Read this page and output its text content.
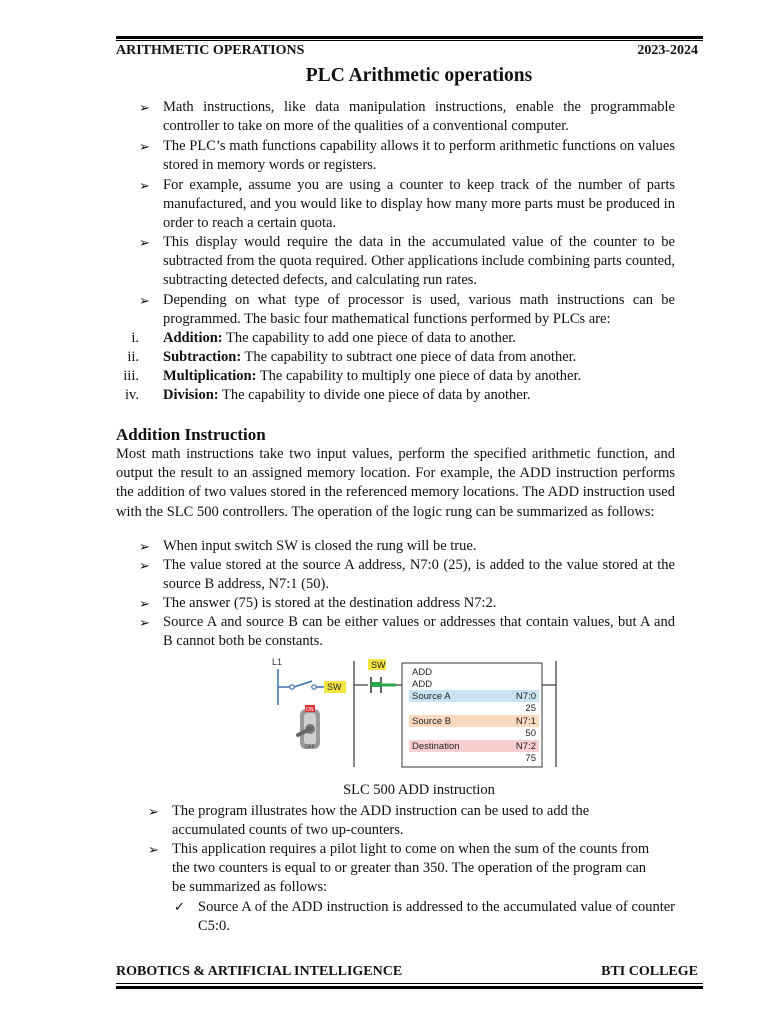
ARITHMETIC OPERATIONS	2023-2024
PLC Arithmetic operations
➢ Math instructions, like data manipulation instructions, enable the programmable controller to take on more of the qualities of a conventional computer.
➢ The PLC’s math functions capability allows it to perform arithmetic functions on values stored in memory words or registers.
➢ For example, assume you are using a counter to keep track of the number of parts manufactured, and you would like to display how many more parts must be produced in order to reach a certain quota.
➢ This display would require the data in the accumulated value of the counter to be subtracted from the quota required. Other applications include combining parts counted, subtracting detected defects, and calculating run rates.
➢ Depending on what type of processor is used, various math instructions can be programmed. The basic four mathematical functions performed by PLCs are:
i. Addition: The capability to add one piece of data to another.
ii. Subtraction: The capability to subtract one piece of data from another.
iii. Multiplication: The capability to multiply one piece of data by another.
iv. Division: The capability to divide one piece of data by another.
Addition Instruction
Most math instructions take two input values, perform the specified arithmetic function, and output the result to an assigned memory location. For example, the ADD instruction performs the addition of two values stored in the referenced memory locations. The ADD instruction used with the SLC 500 controllers. The operation of the logic rung can be summarized as follows:
➢ When input switch SW is closed the rung will be true.
➢ The value stored at the source A address, N7:0 (25), is added to the value stored at the source B address, N7:1 (50).
➢ The answer (75) is stored at the destination address N7:2.
➢ Source A and source B can be either values or addresses that contain values, but A and B cannot both be constants.
L1
SW
ON
OFF
SW
ADD
ADD
Source A	N7:0
25
Source B	N7:1
50
Destination	N7:2
75
SLC 500 ADD instruction
➢ The program illustrates how the ADD instruction can be used to add the accumulated counts of two up-counters.
➢ This application requires a pilot light to come on when the sum of the counts from the two counters is equal to or greater than 350. The operation of the program can be summarized as follows:
✓ Source A of the ADD instruction is addressed to the accumulated value of counter C5:0.
ROBOTICS & ARTIFICIAL INTELLIGENCE	BTI COLLEGE
